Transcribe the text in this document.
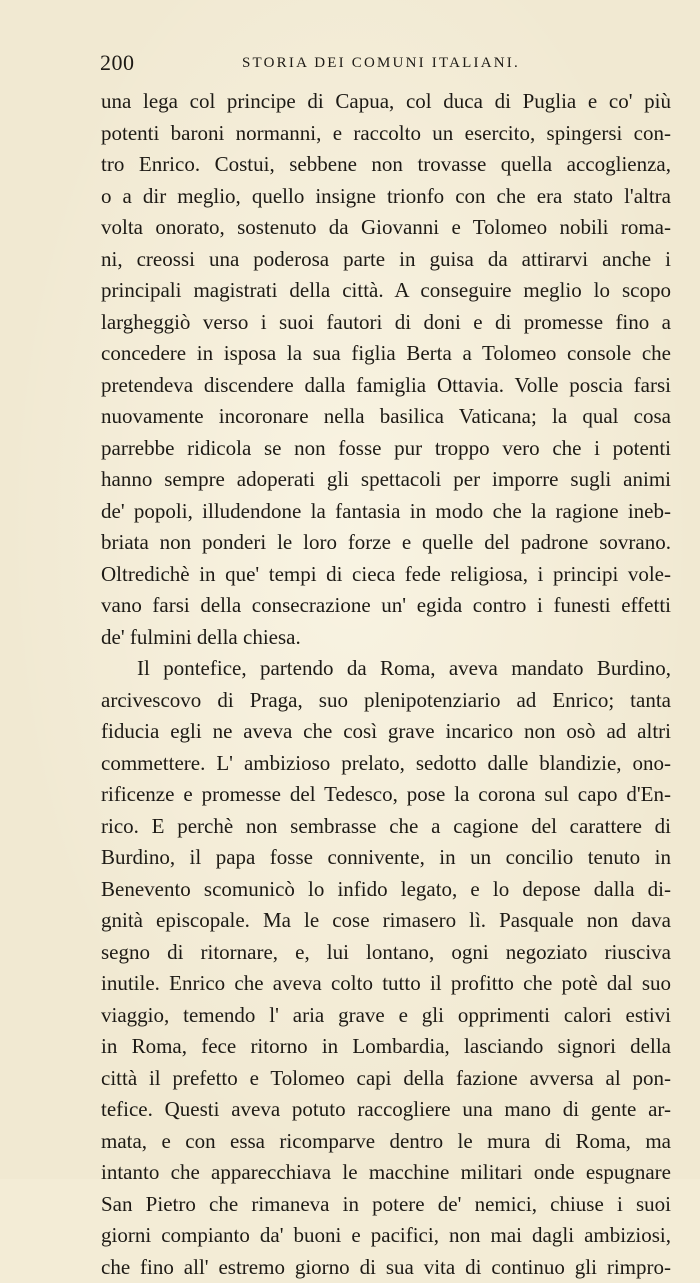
200	STORIA DEI COMUNI ITALIANI.
una lega col principe di Capua, col duca di Puglia e co' più
potenti baroni normanni, e raccolto un esercito, spingersi con-
tro Enrico. Costui, sebbene non trovasse quella accoglienza,
o a dir meglio, quello insigne trionfo con che era stato l'altra
volta onorato, sostenuto da Giovanni e Tolomeo nobili roma-
ni, creossi una poderosa parte in guisa da attirarvi anche i
principali magistrati della città. A conseguire meglio lo scopo
largheggiò verso i suoi fautori di doni e di promesse fino a
concedere in isposa la sua figlia Berta a Tolomeo console che
pretendeva discendere dalla famiglia Ottavia. Volle poscia farsi
nuovamente incoronare nella basilica Vaticana; la qual cosa
parrebbe ridicola se non fosse pur troppo vero che i potenti
hanno sempre adoperati gli spettacoli per imporre sugli animi
de' popoli, illudendone la fantasia in modo che la ragione ineb-
briata non ponderi le loro forze e quelle del padrone sovrano.
Oltredichè in que' tempi di cieca fede religiosa, i principi vole-
vano farsi della consecrazione un' egida contro i funesti effetti
de' fulmini della chiesa.
Il pontefice, partendo da Roma, aveva mandato Burdino,
arcivescovo di Praga, suo plenipotenziario ad Enrico; tanta
fiducia egli ne aveva che così grave incarico non osò ad altri
commettere. L' ambizioso prelato, sedotto dalle blandizie, ono-
rificenze e promesse del Tedesco, pose la corona sul capo d'En-
rico. E perchè non sembrasse che a cagione del carattere di
Burdino, il papa fosse connivente, in un concilio tenuto in
Benevento scomunicò lo infido legato, e lo depose dalla di-
gnità episcopale. Ma le cose rimasero lì. Pasquale non dava
segno di ritornare, e, lui lontano, ogni negoziato riusciva
inutile. Enrico che aveva colto tutto il profitto che potè dal suo
viaggio, temendo l' aria grave e gli opprimenti calori estivi
in Roma, fece ritorno in Lombardia, lasciando signori della
città il prefetto e Tolomeo capi della fazione avversa al pon-
tefice. Questi aveva potuto raccogliere una mano di gente ar-
mata, e con essa ricomparve dentro le mura di Roma, ma
intanto che apparecchiava le macchine militari onde espugnare
San Pietro che rimaneva in potere de' nemici, chiuse i suoi
giorni compianto da' buoni e pacifici, non mai dagli ambiziosi,
che fino all' estremo giorno di sua vita di continuo gli rimpro-
